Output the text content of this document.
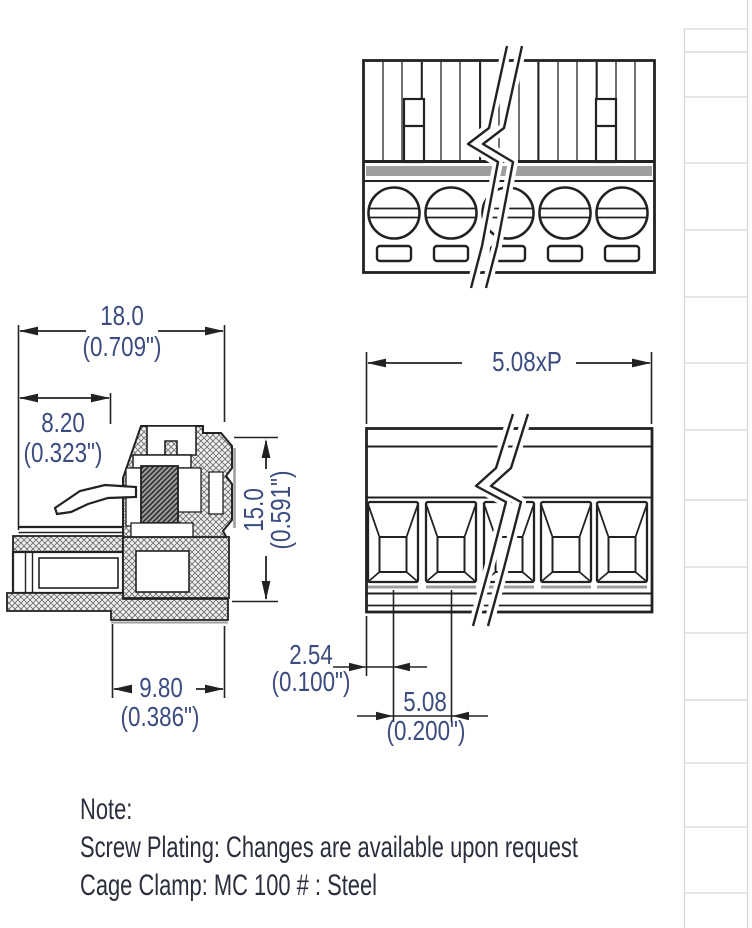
18.0
(0.709")
8.20
(0.323")
15.0
(0.591")
9.80
(0.386")
5.08xP
2.54
(0.100")
5.08
(0.200")
Note:
Screw Plating: Changes are available upon request
Cage Clamp: MC 100 # : Steel
